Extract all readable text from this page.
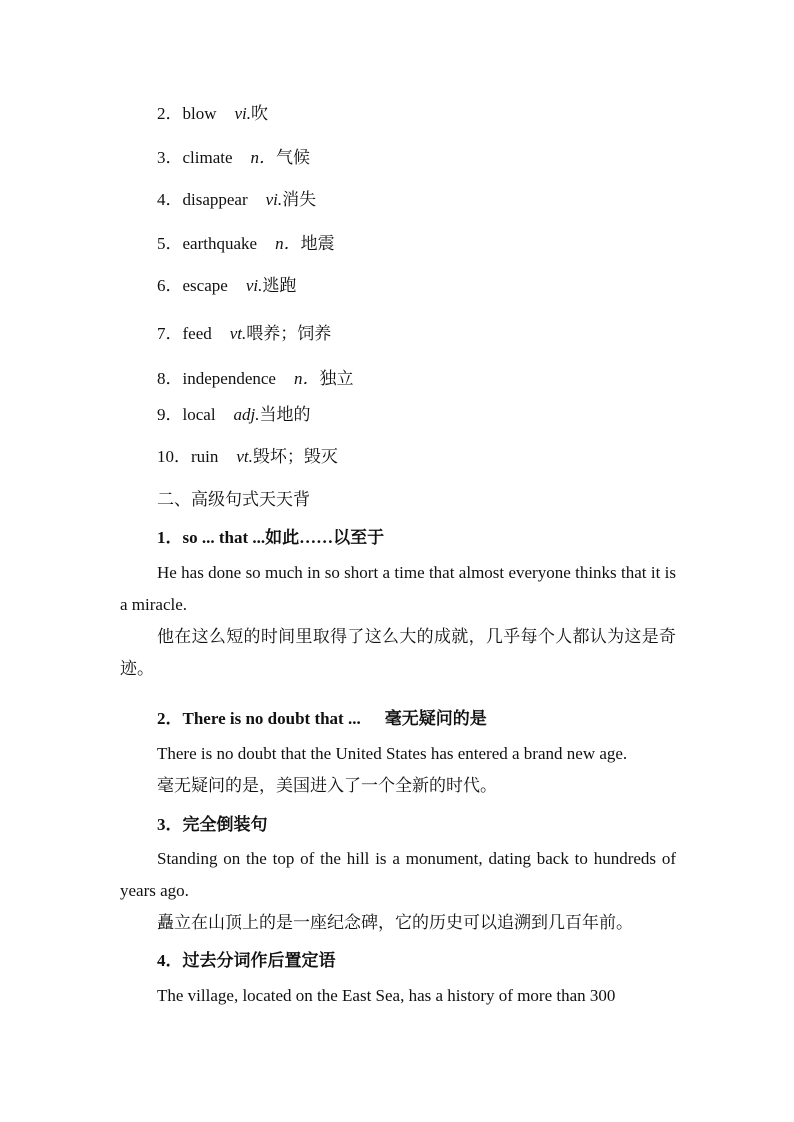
2．blow vi.吹
3．climate n．气候
4．disappear vi.消失
5．earthquake n．地震
6．escape vi.逃跑
7．feed vt.喂养；饲养
8．independence n．独立
9．local adj.当地的
10．ruin vt.毁坏；毁灭
二、高级句式天天背
1．so ... that ...如此……以至于
He has done so much in so short a time that almost everyone thinks that it is a miracle.
他在这么短的时间里取得了这么大的成就，几乎每个人都认为这是奇迹。
2．There is no doubt that ... 毫无疑问的是
There is no doubt that the United States has entered a brand new age.
毫无疑问的是，美国进入了一个全新的时代。
3．完全倒装句
Standing on the top of the hill is a monument, dating back to hundreds of years ago.
矗立在山顶上的是一座纪念碑，它的历史可以追溯到几百年前。
4．过去分词作后置定语
The village, located on the East Sea, has a history of more than 300
